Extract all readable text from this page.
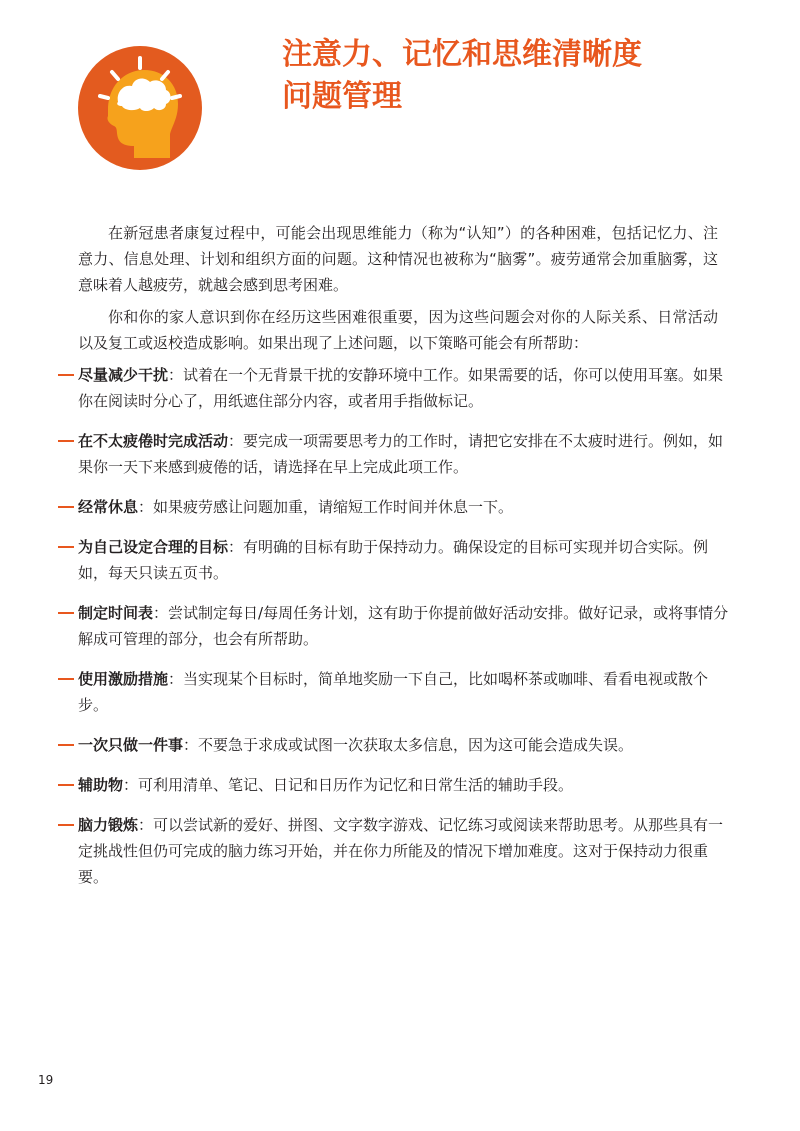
注意力、记忆和思维清晰度
问题管理

在新冠患者康复过程中，可能会出现思维能力（称为“认知”）的各种困难，包括记忆力、注意力、信息处理、计划和组织方面的问题。这种情况也被称为“脑雾”。疲劳通常会加重脑雾，这意味着人越疲劳，就越会感到思考困难。

你和你的家人意识到你在经历这些困难很重要，因为这些问题会对你的人际关系、日常活动以及复工或返校造成影响。如果出现了上述问题，以下策略可能会有所帮助：

尽量减少干扰：试着在一个无背景干扰的安静环境中工作。如果需要的话，你可以使用耳塞。如果你在阅读时分心了，用纸遮住部分内容，或者用手指做标记。
在不太疲倦时完成活动：要完成一项需要思考力的工作时，请把它安排在不太疲时进行。例如，如果你一天下来感到疲倦的话，请选择在早上完成此项工作。
经常休息：如果疲劳感让问题加重，请缩短工作时间并休息一下。
为自己设定合理的目标：有明确的目标有助于保持动力。确保设定的目标可实现并切合实际。例如，每天只读五页书。
制定时间表：尝试制定每日/每周任务计划，这有助于你提前做好活动安排。做好记录，或将事情分解成可管理的部分，也会有所帮助。
使用激励措施：当实现某个目标时，简单地奖励一下自己，比如喝杯茶或咖啡、看看电视或散个步。
一次只做一件事：不要急于求成或试图一次获取太多信息，因为这可能会造成失误。
辅助物：可利用清单、笔记、日记和日历作为记忆和日常生活的辅助手段。
脑力锻炼：可以尝试新的爱好、拼图、文字数字游戏、记忆练习或阅读来帮助思考。从那些具有一定挑战性但仍可完成的脑力练习开始，并在你力所能及的情况下增加难度。这对于保持动力很重要。
19
